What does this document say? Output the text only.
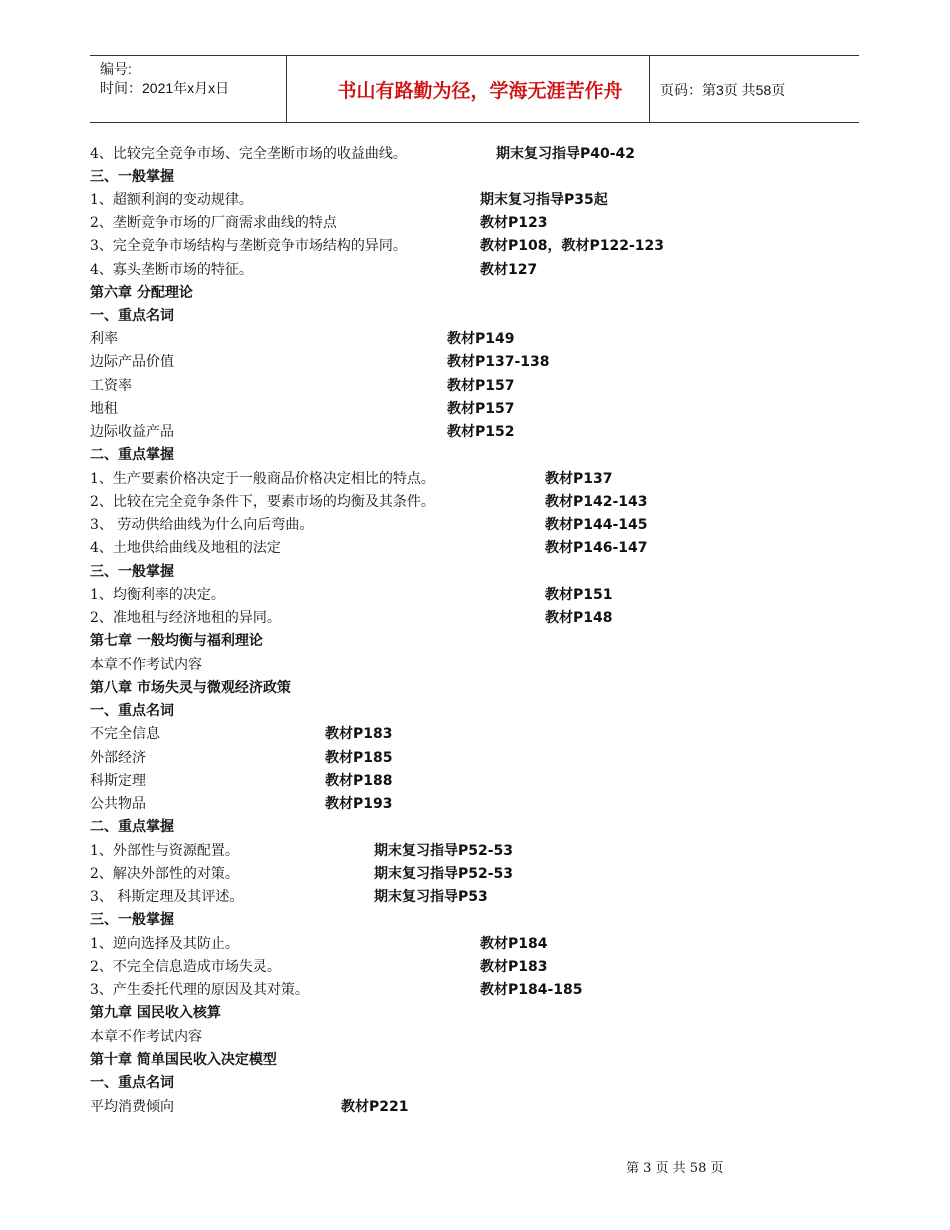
编号:
时间：2021年x月x日	书山有路勤为径，学海无涯苦作舟	页码：第3页 共58页
4、比较完全竞争市场、完全垄断市场的收益曲线。	期末复习指导P40-42
三、一般掌握
1、超额利润的变动规律。	期末复习指导P35起
2、垄断竞争市场的厂商需求曲线的特点	教材P123
3、完全竞争市场结构与垄断竞争市场结构的异同。	教材P108，教材P122-123
4、寡头垄断市场的特征。	教材127
第六章 分配理论
一、重点名词
利率	教材P149
边际产品价值	教材P137-138
工资率	教材P157
地租	教材P157
边际收益产品	教材P152
二、重点掌握
1、生产要素价格决定于一般商品价格决定相比的特点。	教材P137
2、比较在完全竞争条件下，要素市场的均衡及其条件。	教材P142-143
3、 劳动供给曲线为什么向后弯曲。	教材P144-145
4、土地供给曲线及地租的法定	教材P146-147
三、一般掌握
1、均衡利率的决定。	教材P151
2、准地租与经济地租的异同。	教材P148
第七章 一般均衡与福利理论
本章不作考试内容
第八章 市场失灵与微观经济政策
一、重点名词
不完全信息	教材P183
外部经济	教材P185
科斯定理	教材P188
公共物品	教材P193
二、重点掌握
1、外部性与资源配置。	期末复习指导P52-53
2、解决外部性的对策。	期末复习指导P52-53
3、 科斯定理及其评述。	期末复习指导P53
三、一般掌握
1、逆向选择及其防止。	教材P184
2、不完全信息造成市场失灵。	教材P183
3、产生委托代理的原因及其对策。	教材P184-185
第九章 国民收入核算
本章不作考试内容
第十章 简单国民收入决定模型
一、重点名词
平均消费倾向	教材P221
第 3 页 共 58 页
